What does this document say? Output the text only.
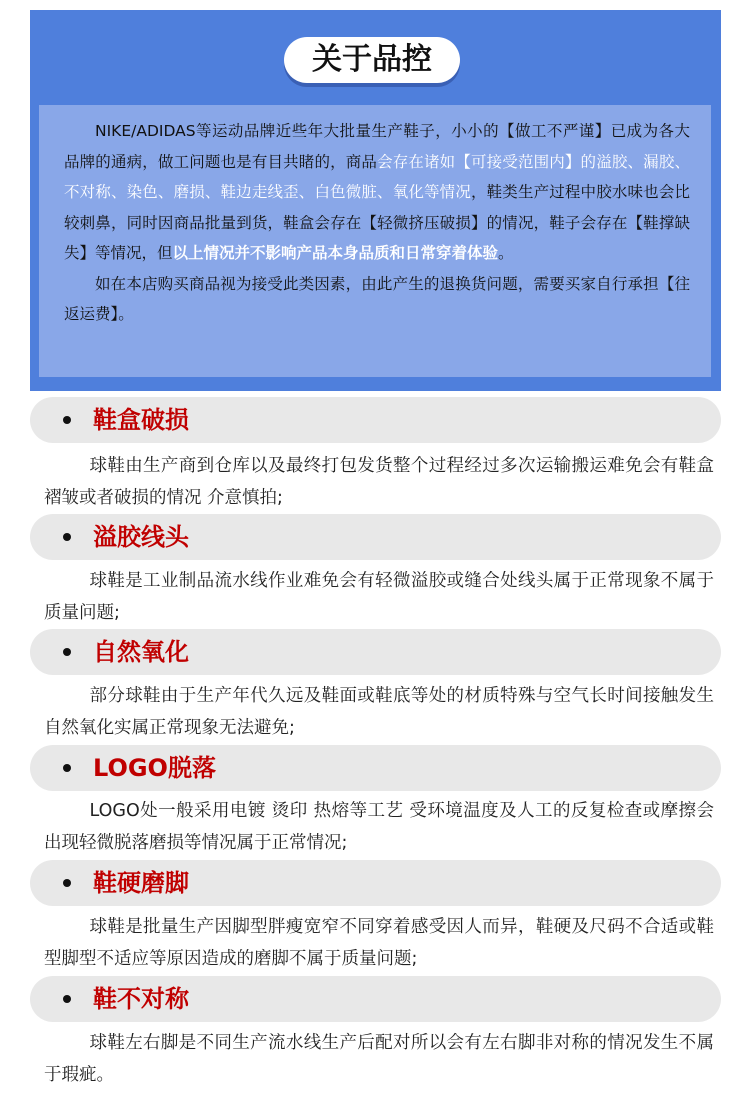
关于品控

NIKE/ADIDAS等运动品牌近些年大批量生产鞋子，小小的【做工不严谨】已成为各大品牌的通病，做工问题也是有目共睹的，商品会存在诸如【可接受范围内】的溢胶、漏胶、不对称、染色、磨损、鞋边走线歪、白色微脏、氧化等情况，鞋类生产过程中胶水味也会比较刺鼻，同时因商品批量到货，鞋盒会存在【轻微挤压破损】的情况，鞋子会存在【鞋撑缺失】等情况，但以上情况并不影响产品本身品质和日常穿着体验。

如在本店购买商品视为接受此类因素，由此产生的退换货问题，需要买家自行承担【往返运费】。

鞋盒破损

球鞋由生产商到仓库以及最终打包发货整个过程经过多次运输搬运难免会有鞋盒褶皱或者破损的情况 介意慎拍;

溢胶线头

球鞋是工业制品流水线作业难免会有轻微溢胶或缝合处线头属于正常现象不属于质量问题;

自然氧化

部分球鞋由于生产年代久远及鞋面或鞋底等处的材质特殊与空气长时间接触发生自然氧化实属正常现象无法避免;

LOGO脱落

LOGO处一般采用电镀 烫印 热熔等工艺 受环境温度及人工的反复检查或摩擦会出现轻微脱落磨损等情况属于正常情况;

鞋硬磨脚

球鞋是批量生产因脚型胖瘦宽窄不同穿着感受因人而异，鞋硬及尺码不合适或鞋型脚型不适应等原因造成的磨脚不属于质量问题;

鞋不对称

球鞋左右脚是不同生产流水线生产后配对所以会有左右脚非对称的情况发生不属于瑕疵。
